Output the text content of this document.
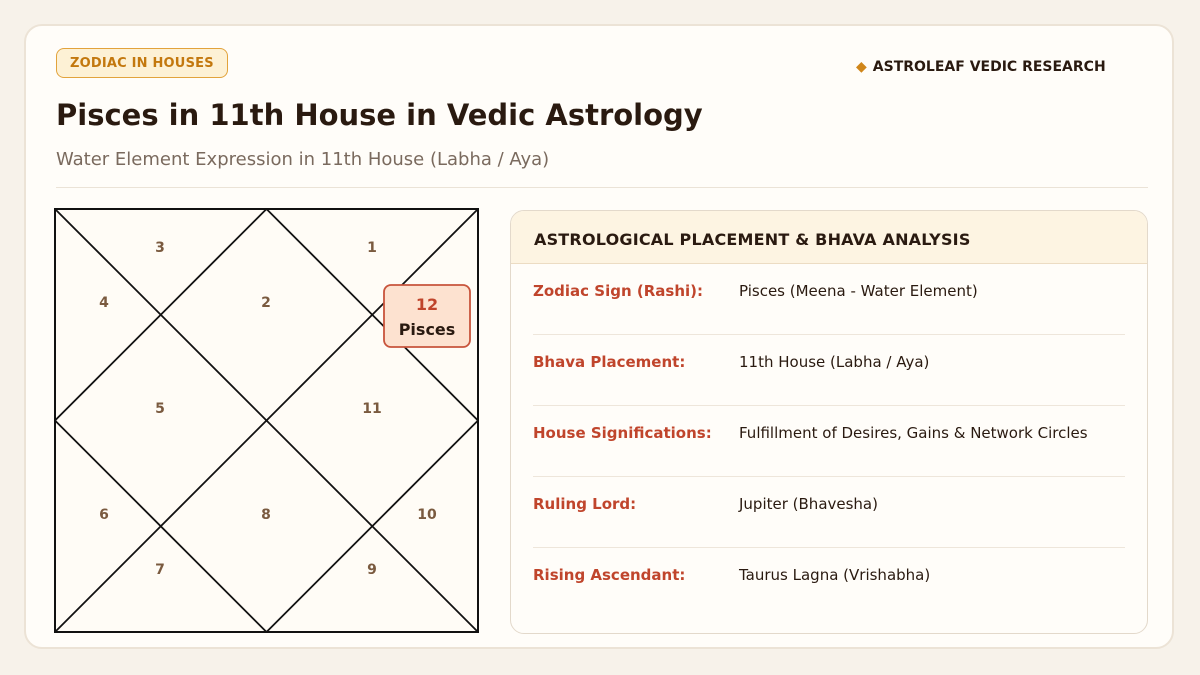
ZODIAC IN HOUSES	◆ ASTROLEAF VEDIC RESEARCH
Pisces in 11th House in Vedic Astrology
Water Element Expression in 11th House (Labha / Aya)
1
2
3
4
5
6
7
8
9
10
11
12
Pisces
ASTROLOGICAL PLACEMENT & BHAVA ANALYSIS
Zodiac Sign (Rashi): Pisces (Meena - Water Element)
Bhava Placement:	11th House (Labha / Aya)
House Significations: Fulfillment of Desires, Gains & Network Circles
Ruling Lord:	Jupiter (Bhavesha)
Rising Ascendant:	Taurus Lagna (Vrishabha)
